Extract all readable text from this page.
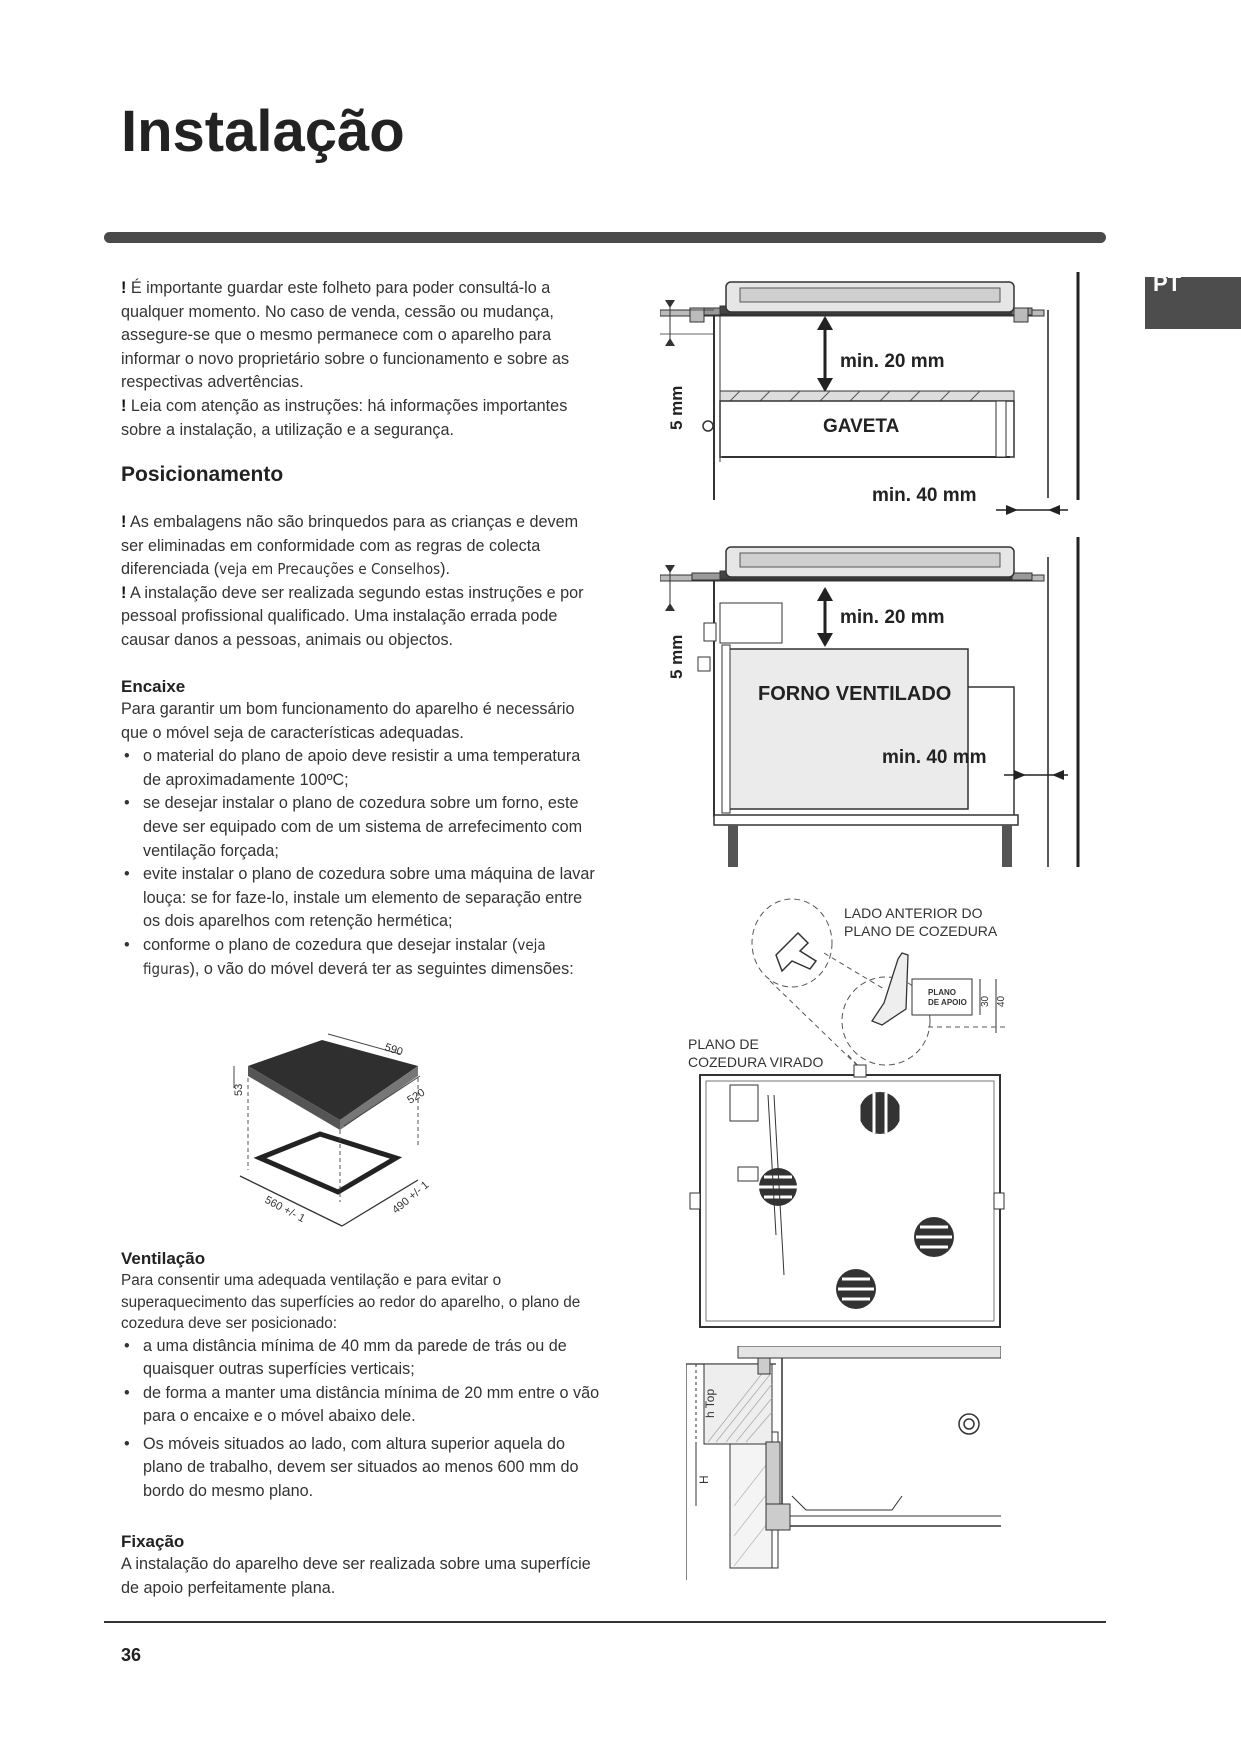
Instalação
PT

! É importante guardar este folheto para poder consultá-lo a qualquer momento. No caso de venda, cessão ou mudança, assegure-se que o mesmo permanece com o aparelho para informar o novo proprietário sobre o funcionamento e sobre as respectivas advertências.

! Leia com atenção as instruções: há informações importantes sobre a instalação, a utilização e a segurança.

Posicionamento

! As embalagens não são brinquedos para as crianças e devem ser eliminadas em conformidade com as regras de colecta diferenciada (veja em Precauções e Conselhos).

! A instalação deve ser realizada segundo estas instruções e por pessoal profissional qualificado. Uma instalação errada pode causar danos a pessoas, animais ou objectos.

Encaixe

Para garantir um bom funcionamento do aparelho é necessário que o móvel seja de características adequadas.

• o material do plano de apoio deve resistir a uma temperatura de aproximadamente 100ºC;
• se desejar instalar o plano de cozedura sobre um forno, este deve ser equipado com de um sistema de arrefecimento com ventilação forçada;
• evite instalar o plano de cozedura sobre uma máquina de lavar louça: se for faze-lo, instale um elemento de separação entre os dois aparelhos com retenção hermética;
• conforme o plano de cozedura que desejar instalar (veja figuras), o vão do móvel deverá ter as seguintes dimensões:
590
520
53
560 +/- 1	490 +/- 1
Ventilação

Para consentir uma adequada ventilação e para evitar o superaquecimento das superfícies ao redor do aparelho, o plano de cozedura deve ser posicionado:

• a uma distância mínima de 40 mm da parede de trás ou de quaisquer outras superfícies verticais;
• de forma a manter uma distância mínima de 20 mm entre o vão para o encaixe e o móvel abaixo dele.
• Os móveis situados ao lado, com altura superior aquela do plano de trabalho, devem ser situados ao menos 600 mm do bordo do mesmo plano.
Fixação

A instalação do aparelho deve ser realizada sobre uma superfície de apoio perfeitamente plana.

5 mm
min. 20 mm
GAVETA
min. 40 mm
5 mm
min. 20 mm
FORNO VENTILADO
min. 40 mm
LADO ANTERIOR DO
PLANO DE COZEDURA
PLANO
DE APOIO 30 40
PLANO DE
COZEDURA VIRADO
h Top
H
36
